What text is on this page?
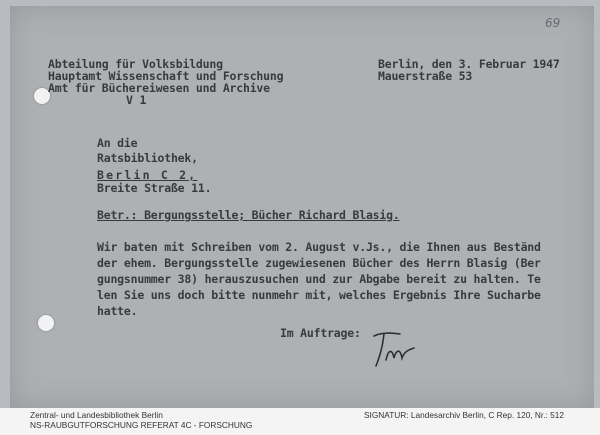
69
Abteilung für Volksbildung
Hauptamt Wissenschaft und Forschung
Amt für Büchereiwesen und Archive
V 1
Berlin, den 3. Februar 1947
Mauerstraße 53
An die
Ratsbibliothek,
Berlin C 2,
Breite Straße 11.
Betr.: Bergungsstelle; Bücher Richard Blasig.
Wir baten mit Schreiben vom 2. August v.Js., die Ihnen aus Beständ
der ehem. Bergungsstelle zugewiesenen Bücher des Herrn Blasig (Ber
gungsnummer 38) herauszusuchen und zur Abgabe bereit zu halten. Te
len Sie uns doch bitte nunmehr mit, welches Ergebnis Ihre Sucharbe
hatte.
Im Auftrage:
Zentral- und Landesbibliothek Berlin
NS-RAUBGUTFORSCHUNG REFERAT 4C - FORSCHUNG
SIGNATUR: Landesarchiv Berlin, C Rep. 120, Nr.: 512
